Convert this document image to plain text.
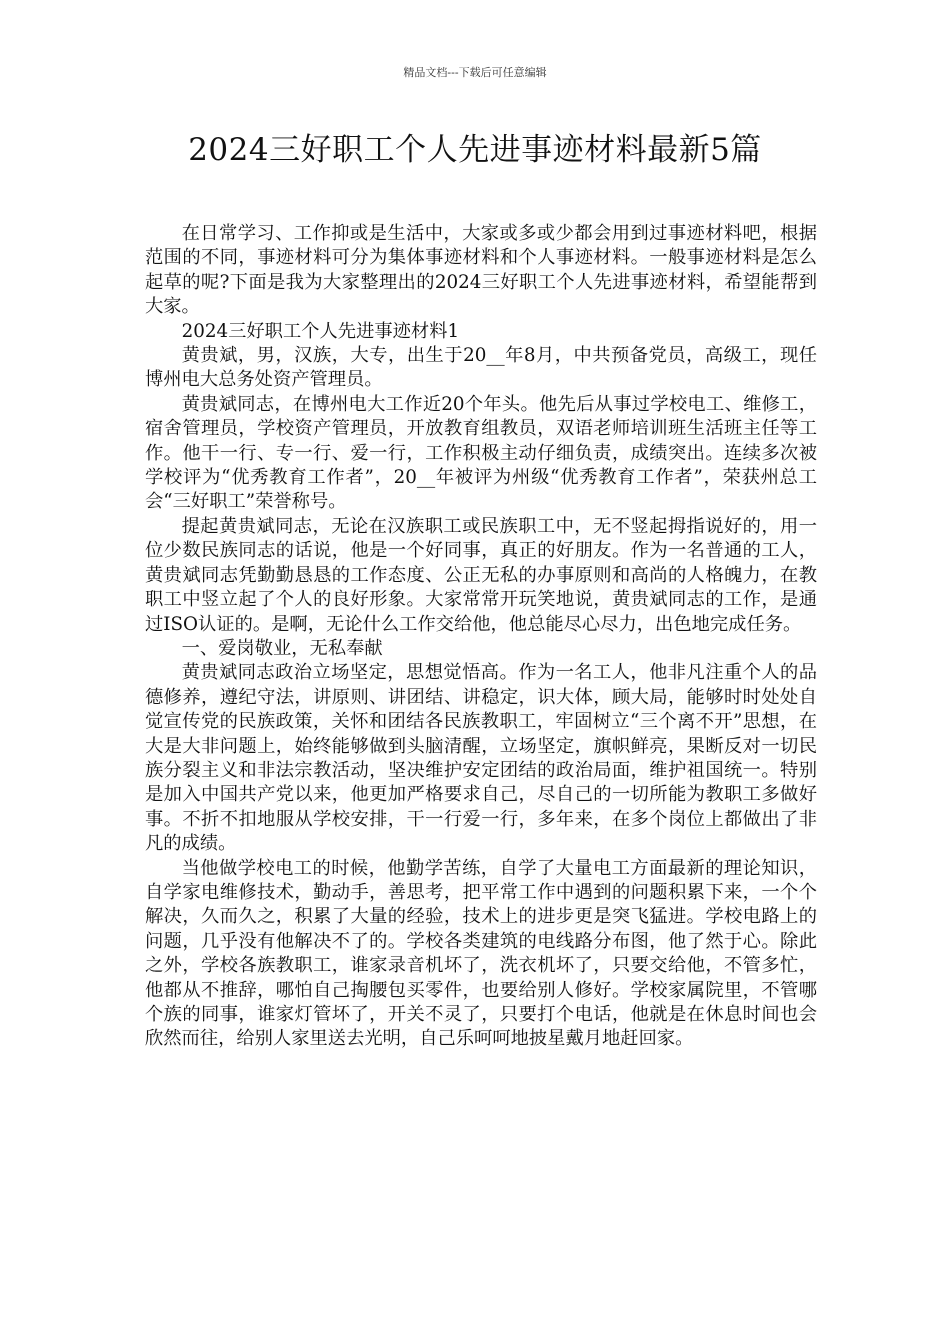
精品文档---下载后可任意编辑
2024三好职工个人先进事迹材料最新5篇

在日常学习、工作抑或是生活中，大家或多或少都会用到过事迹材料吧，根据范围的不同，事迹材料可分为集体事迹材料和个人事迹材料。一般事迹材料是怎么起草的呢?下面是我为大家整理出的2024三好职工个人先进事迹材料，希望能帮到大家。

2024三好职工个人先进事迹材料1

黄贵斌，男，汉族，大专，出生于20__年8月，中共预备党员，高级工，现任博州电大总务处资产管理员。

黄贵斌同志，在博州电大工作近20个年头。他先后从事过学校电工、维修工，宿舍管理员，学校资产管理员，开放教育组教员，双语老师培训班生活班主任等工作。他干一行、专一行、爱一行，工作积极主动仔细负责，成绩突出。连续多次被学校评为“优秀教育工作者”，20__年被评为州级“优秀教育工作者”，荣获州总工会“三好职工”荣誉称号。

提起黄贵斌同志，无论在汉族职工或民族职工中，无不竖起拇指说好的，用一位少数民族同志的话说，他是一个好同事，真正的好朋友。作为一名普通的工人，黄贵斌同志凭勤勤恳恳的工作态度、公正无私的办事原则和高尚的人格魄力，在教职工中竖立起了个人的良好形象。大家常常开玩笑地说，黄贵斌同志的工作，是通过ISO认证的。是啊，无论什么工作交给他，他总能尽心尽力，出色地完成任务。

一、爱岗敬业，无私奉献

黄贵斌同志政治立场坚定，思想觉悟高。作为一名工人，他非凡注重个人的品德修养，遵纪守法，讲原则、讲团结、讲稳定，识大体，顾大局，能够时时处处自觉宣传党的民族政策，关怀和团结各民族教职工，牢固树立“三个离不开”思想，在大是大非问题上，始终能够做到头脑清醒，立场坚定，旗帜鲜亮，果断反对一切民族分裂主义和非法宗教活动，坚决维护安定团结的政治局面，维护祖国统一。特别是加入中国共产党以来，他更加严格要求自己，尽自己的一切所能为教职工多做好事。不折不扣地服从学校安排，干一行爱一行，多年来，在多个岗位上都做出了非凡的成绩。

当他做学校电工的时候，他勤学苦练，自学了大量电工方面最新的理论知识，自学家电维修技术，勤动手，善思考，把平常工作中遇到的问题积累下来，一个个解决，久而久之，积累了大量的经验，技术上的进步更是突飞猛进。学校电路上的问题，几乎没有他解决不了的。学校各类建筑的电线路分布图，他了然于心。除此之外，学校各族教职工，谁家录音机坏了，洗衣机坏了，只要交给他，不管多忙，他都从不推辞，哪怕自己掏腰包买零件，也要给别人修好。学校家属院里，不管哪个族的同事，谁家灯管坏了，开关不灵了，只要打个电话，他就是在休息时间也会欣然而往，给别人家里送去光明，自己乐呵呵地披星戴月地赶回家。
